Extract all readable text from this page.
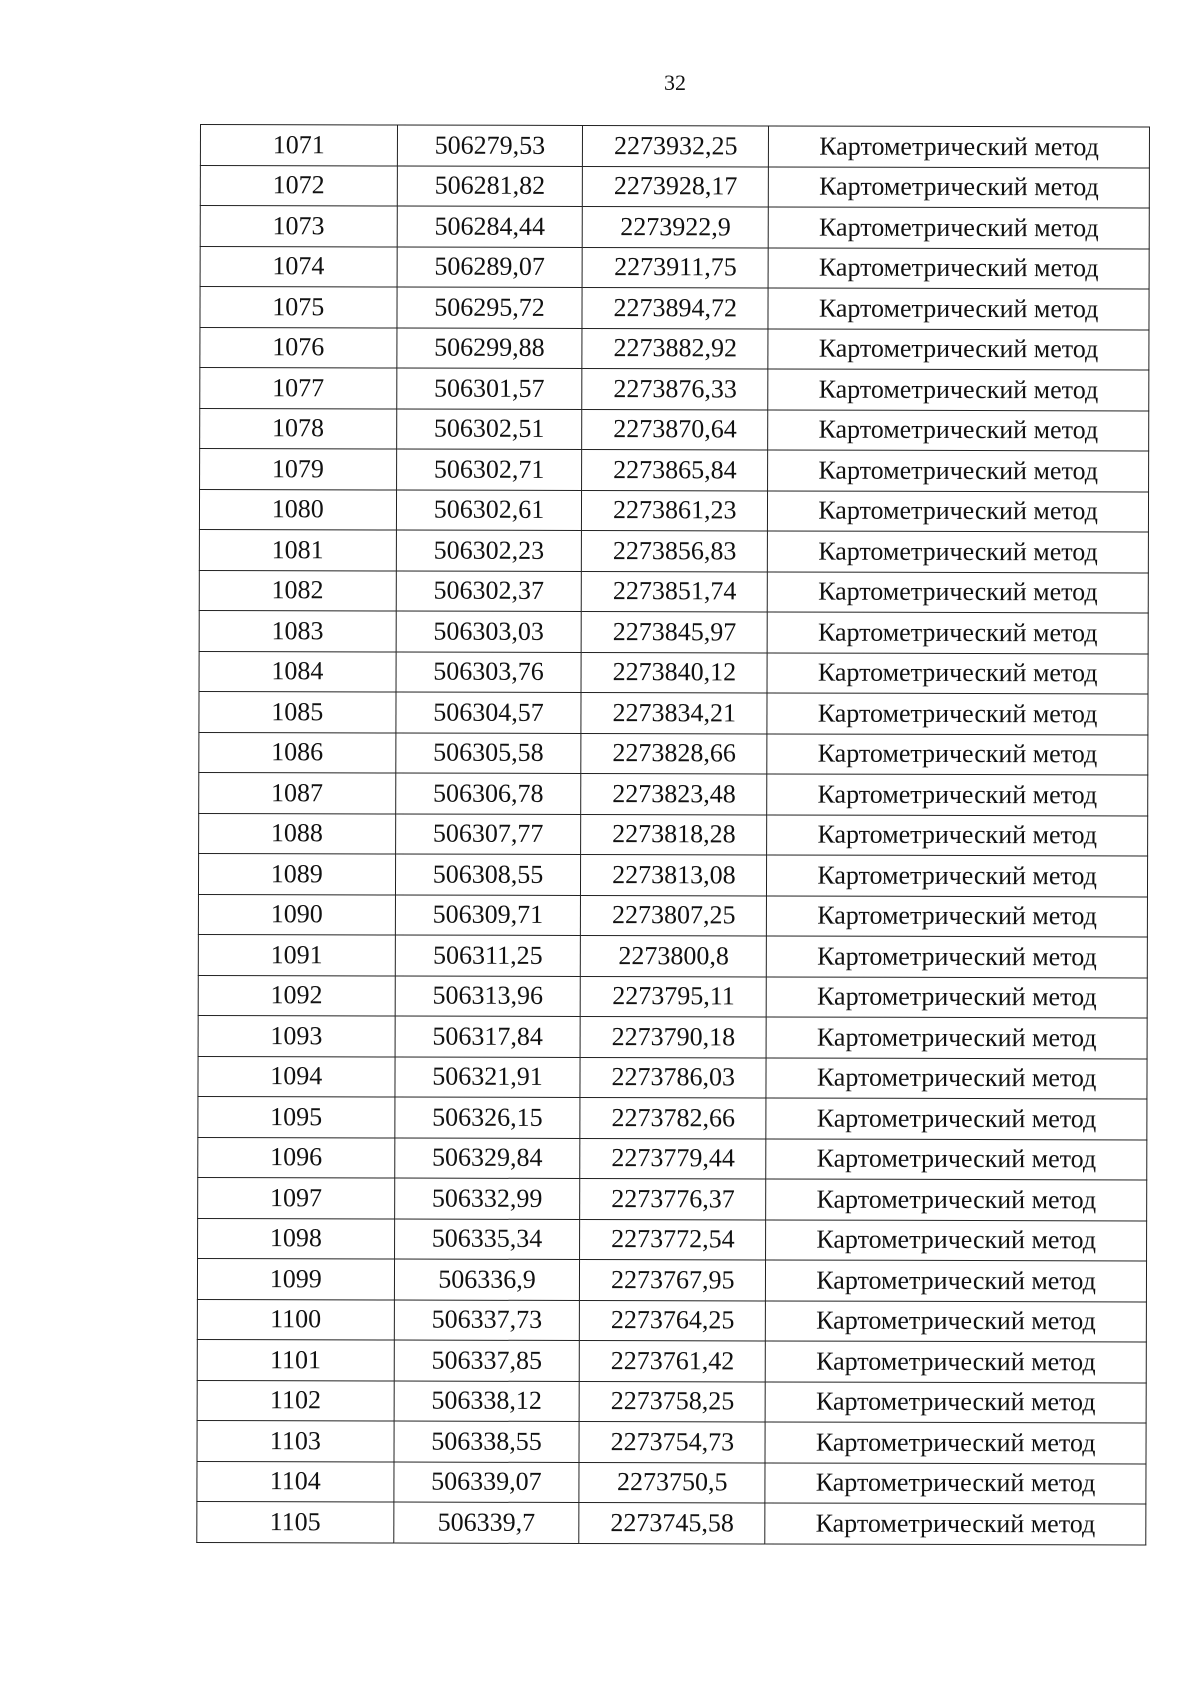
32
1071	506279,53	2273932,25	Картометрический метод
1072	506281,82	2273928,17	Картометрический метод
1073	506284,44	2273922,9	Картометрический метод
1074	506289,07	2273911,75	Картометрический метод
1075	506295,72	2273894,72	Картометрический метод
1076	506299,88	2273882,92	Картометрический метод
1077	506301,57	2273876,33	Картометрический метод
1078	506302,51	2273870,64	Картометрический метод
1079	506302,71	2273865,84	Картометрический метод
1080	506302,61	2273861,23	Картометрический метод
1081	506302,23	2273856,83	Картометрический метод
1082	506302,37	2273851,74	Картометрический метод
1083	506303,03	2273845,97	Картометрический метод
1084	506303,76	2273840,12	Картометрический метод
1085	506304,57	2273834,21	Картометрический метод
1086	506305,58	2273828,66	Картометрический метод
1087	506306,78	2273823,48	Картометрический метод
1088	506307,77	2273818,28	Картометрический метод
1089	506308,55	2273813,08	Картометрический метод
1090	506309,71	2273807,25	Картометрический метод
1091	506311,25	2273800,8	Картометрический метод
1092	506313,96	2273795,11	Картометрический метод
1093	506317,84	2273790,18	Картометрический метод
1094	506321,91	2273786,03	Картометрический метод
1095	506326,15	2273782,66	Картометрический метод
1096	506329,84	2273779,44	Картометрический метод
1097	506332,99	2273776,37	Картометрический метод
1098	506335,34	2273772,54	Картометрический метод
1099	506336,9	2273767,95	Картометрический метод
1100	506337,73	2273764,25	Картометрический метод
1101	506337,85	2273761,42	Картометрический метод
1102	506338,12	2273758,25	Картометрический метод
1103	506338,55	2273754,73	Картометрический метод
1104	506339,07	2273750,5	Картометрический метод
1105	506339,7	2273745,58	Картометрический метод
